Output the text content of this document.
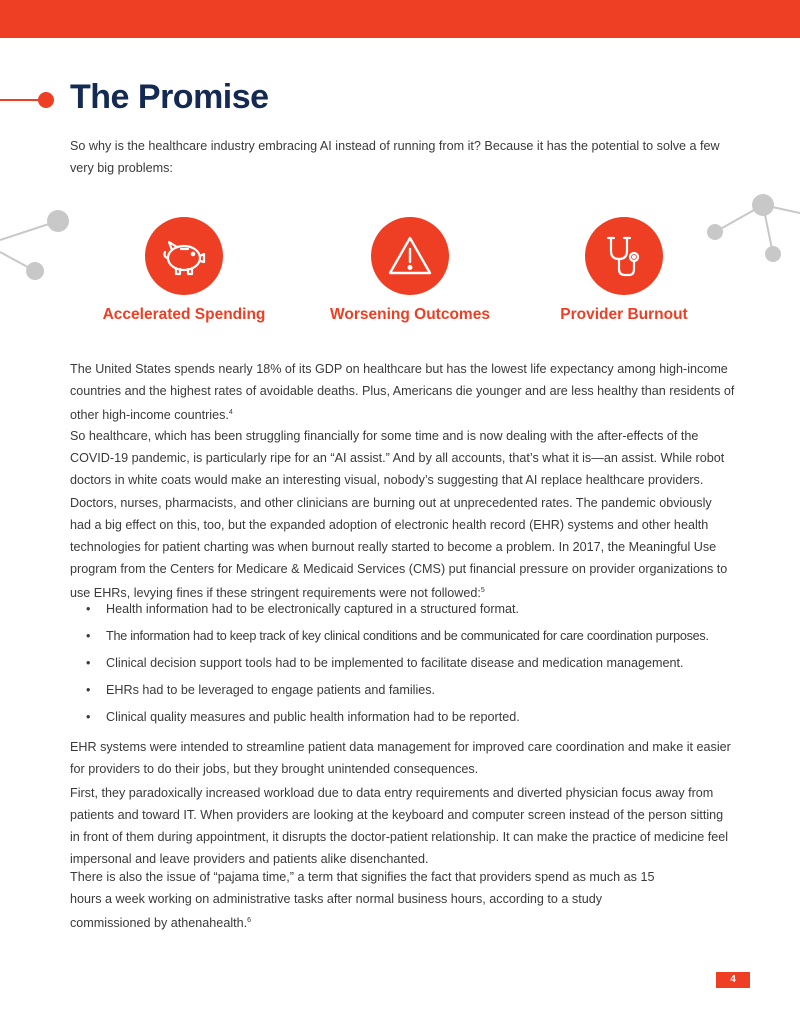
The Promise

So why is the healthcare industry embracing AI instead of running from it? Because it has the potential to solve a few very big problems:

Accelerated Spending	Worsening Outcomes	Provider Burnout

The United States spends nearly 18% of its GDP on healthcare but has the lowest life expectancy among high-income countries and the highest rates of avoidable deaths. Plus, Americans die younger and are less healthy than residents of other high-income countries.$^4$

So healthcare, which has been struggling financially for some time and is now dealing with the after-effects of the COVID-19 pandemic, is particularly ripe for an “AI assist.” And by all accounts, that’s what it is—an assist. While robot doctors in white coats would make an interesting visual, nobody’s suggesting that AI replace healthcare providers.

Doctors, nurses, pharmacists, and other clinicians are burning out at unprecedented rates. The pandemic obviously had a big effect on this, too, but the expanded adoption of electronic health record (EHR) systems and other health technologies for patient charting was when burnout really started to become a problem. In 2017, the Meaningful Use program from the Centers for Medicare & Medicaid Services (CMS) put financial pressure on provider organizations to use EHRs, levying fines if these stringent requirements were not followed:$^5$

• Health information had to be electronically captured in a structured format.
• The information had to keep track of key clinical conditions and be communicated for care coordination purposes.
• Clinical decision support tools had to be implemented to facilitate disease and medication management.
• EHRs had to be leveraged to engage patients and families.
• Clinical quality measures and public health information had to be reported.

EHR systems were intended to streamline patient data management for improved care coordination and make it easier for providers to do their jobs, but they brought unintended consequences.

First, they paradoxically increased workload due to data entry requirements and diverted physician focus away from patients and toward IT. When providers are looking at the keyboard and computer screen instead of the person sitting in front of them during appointment, it disrupts the doctor-patient relationship. It can make the practice of medicine feel impersonal and leave providers and patients alike disenchanted.

There is also the issue of “pajama time,” a term that signifies the fact that providers spend as much as 15 hours a week working on administrative tasks after normal business hours, according to a study commissioned by athenahealth.$^6$

4
